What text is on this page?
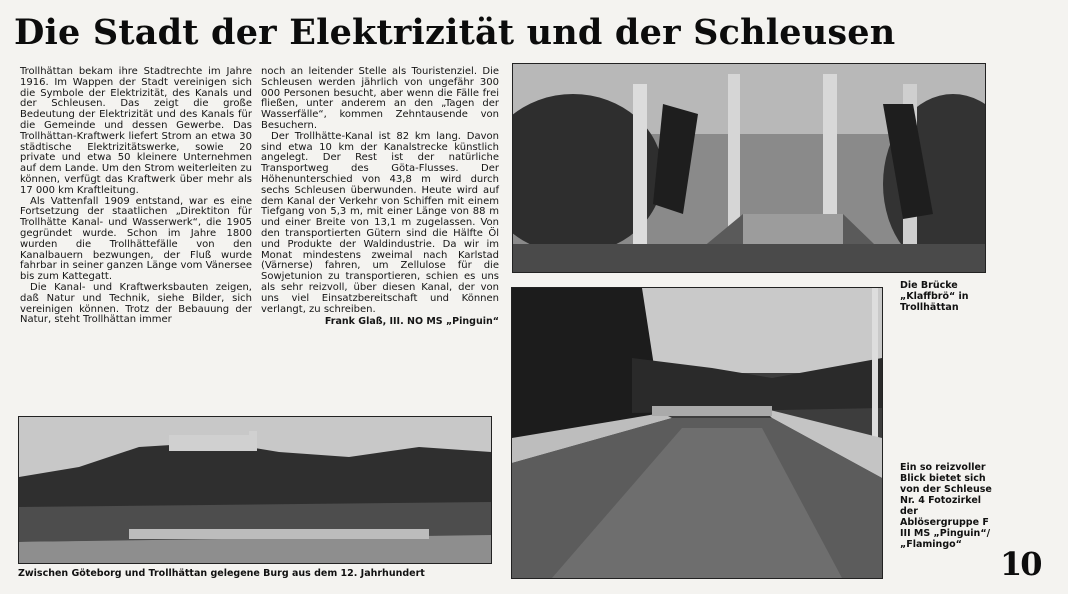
Die Stadt der Elektrizität und der Schleusen

Trollhättan bekam ihre Stadtrechte im Jahre 1916. Im Wappen der Stadt vereinigen sich die Symbole der Elektrizität, des Kanals und der Schleusen. Das zeigt die große Bedeutung der Elektrizität und des Kanals für die Gemeinde und dessen Gewerbe. Das Trollhättan-Kraftwerk liefert Strom an etwa 30 städtische Elektrizitätswerke, sowie 20 private und etwa 50 kleinere Unternehmen auf dem Lande. Um den Strom weiterleiten zu können, verfügt das Kraftwerk über mehr als 17 000 km Kraftleitung.

Als Vattenfall 1909 entstand, war es eine Fortsetzung der staatlichen „Direktiton für Trollhätte Kanal- und Wasserwerk“, die 1905 gegründet wurde. Schon im Jahre 1800 wurden die Trollhättefälle von den Kanalbauern bezwungen, der Fluß wurde fahrbar in seiner ganzen Länge vom Vänersee bis zum Kattegatt.

Die Kanal- und Kraftwerksbauten zeigen, daß Natur und Technik, siehe Bilder, sich vereinigen können. Trotz der Bebauung der Natur, steht Trollhättan immer

noch an leitender Stelle als Touristenziel. Die Schleusen werden jährlich von ungefähr 300 000 Personen besucht, aber wenn die Fälle frei fließen, unter anderem an den „Tagen der Wasserfälle“, kommen Zehntausende von Besuchern.

Der Trollhätte-Kanal ist 82 km lang. Davon sind etwa 10 km der Kanalstrecke künstlich angelegt. Der Rest ist der natürliche Transportweg des Göta-Flusses. Der Höhenunterschied von 43,8 m wird durch sechs Schleusen überwunden. Heute wird auf dem Kanal der Verkehr von Schiffen mit einem Tiefgang von 5,3 m, mit einer Länge von 88 m und einer Breite von 13,1 m zugelassen. Von den transportierten Gütern sind die Hälfte Öl und Produkte der Waldindustrie. Da wir im Monat mindestens zweimal nach Karlstad (Värnerse) fahren, um Zellulose für die Sowjetunion zu transportieren, schien es uns als sehr reizvoll, über diesen Kanal, der von uns viel Einsatzbereitschaft und Können verlangt, zu schreiben.

Frank Glaß, III. NO MS „Pinguin“
Die Brücke „Klaffbrö“ in Trollhättan
Ein so reizvoller Blick bietet sich von der Schleuse Nr. 4 Fotozirkel der Ablösergruppe F III MS „Pinguin“/ „Flamingo“
Zwischen Göteborg und Trollhättan gelegene Burg aus dem 12. Jahrhundert	10
